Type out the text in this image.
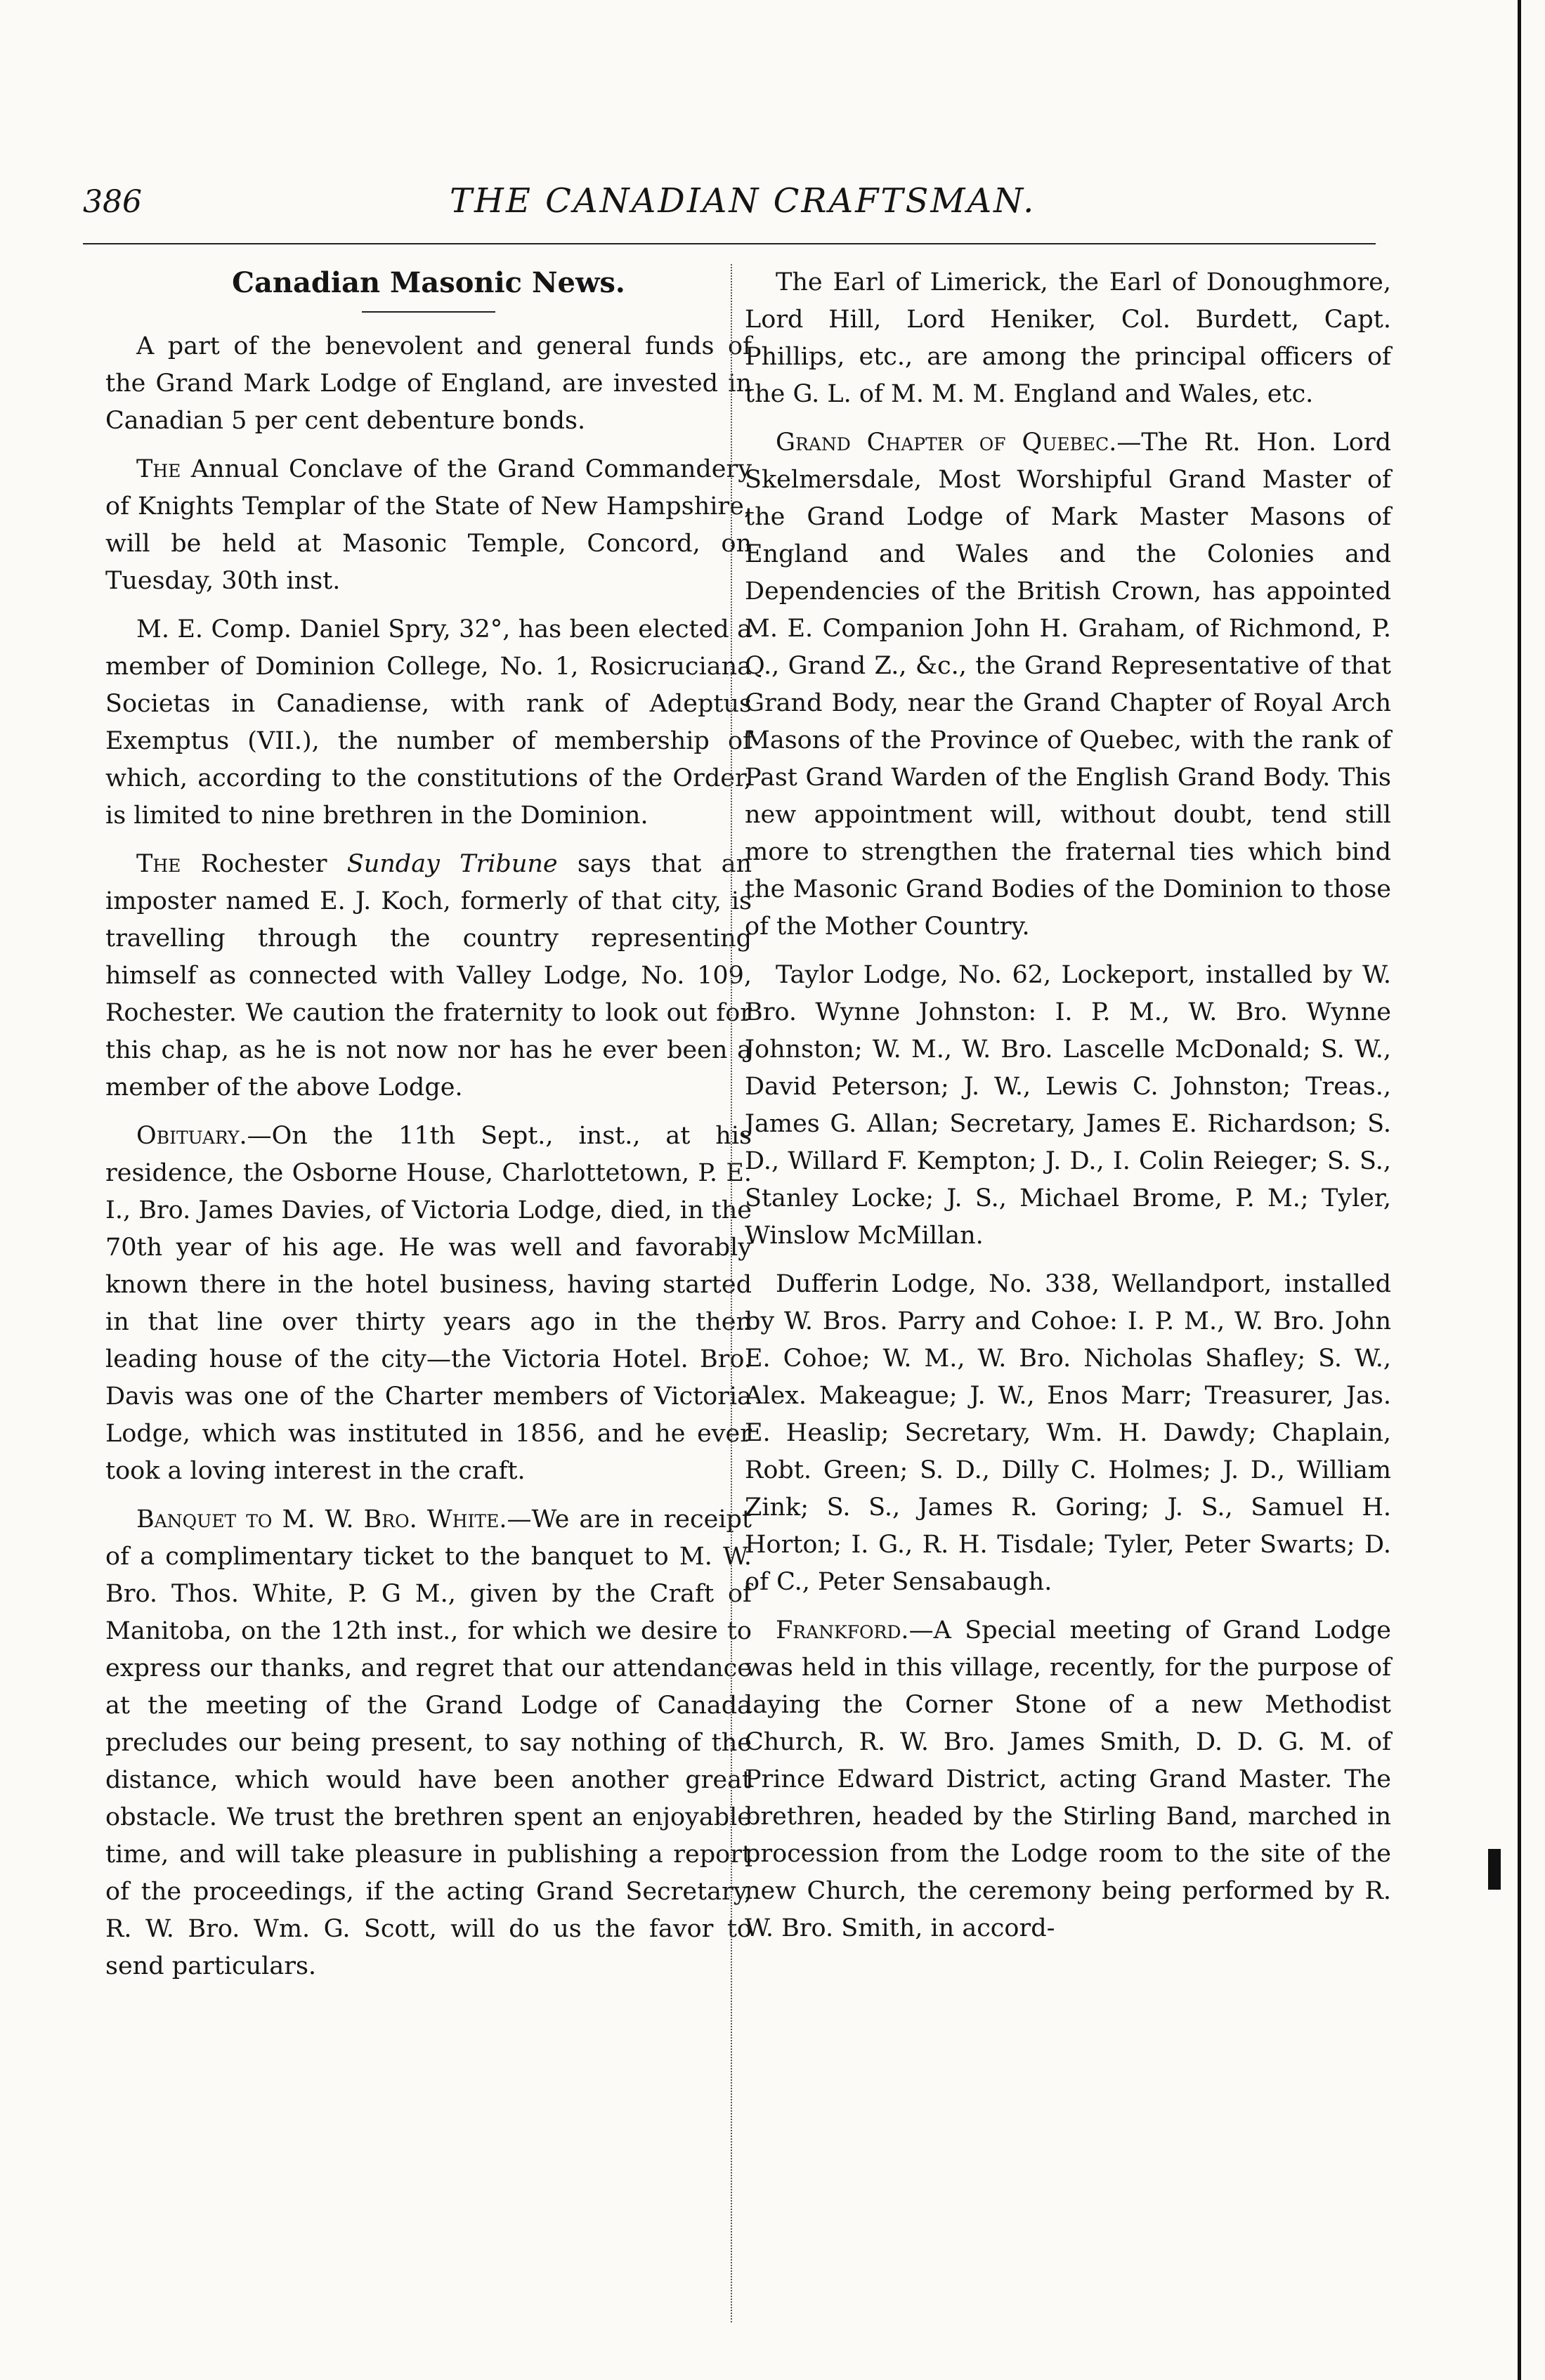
386	THE CANADIAN CRAFTSMAN.
Canadian Masonic News.

A part of the benevolent and general funds of the Grand Mark Lodge of England, are invested in Canadian 5 per cent debenture bonds.

The Annual Conclave of the Grand Commandery of Knights Templar of the State of New Hampshire, will be held at Masonic Temple, Concord, on Tuesday, 30th inst.

M. E. Comp. Daniel Spry, 32°, has been elected a member of Dominion College, No. 1, Rosicruciana Societas in Canadiense, with rank of Adeptus Exemptus (VII.), the number of membership of which, according to the constitutions of the Order, is limited to nine brethren in the Dominion.

The Rochester Sunday Tribune says that an imposter named E. J. Koch, formerly of that city, is travelling through the country representing himself as connected with Valley Lodge, No. 109, Rochester. We caution the fraternity to look out for this chap, as he is not now nor has he ever been a member of the above Lodge.

Obituary.—On the 11th Sept., inst., at his residence, the Osborne House, Charlottetown, P. E. I., Bro. James Davies, of Victoria Lodge, died, in the 70th year of his age. He was well and favorably known there in the hotel business, having started in that line over thirty years ago in the then leading house of the city—the Victoria Hotel. Bro. Davis was one of the Charter members of Victoria Lodge, which was instituted in 1856, and he ever took a loving interest in the craft.

Banquet to M. W. Bro. White.—We are in receipt of a complimentary ticket to the banquet to M. W. Bro. Thos. White, P. G M., given by the Craft of Manitoba, on the 12th inst., for which we desire to express our thanks, and regret that our attendance at the meeting of the Grand Lodge of Canada precludes our being present, to say nothing of the distance, which would have been another great obstacle. We trust the brethren spent an enjoyable time, and will take pleasure in publishing a report of the proceedings, if the acting Grand Secretary, R. W. Bro. Wm. G. Scott, will do us the favor to send particulars.

The Earl of Limerick, the Earl of Donoughmore, Lord Hill, Lord Heniker, Col. Burdett, Capt. Phillips, etc., are among the principal officers of the G. L. of M. M. M. England and Wales, etc.

Grand Chapter of Quebec.—The Rt. Hon. Lord Skelmersdale, Most Worshipful Grand Master of the Grand Lodge of Mark Master Masons of England and Wales and the Colonies and Dependencies of the British Crown, has appointed M. E. Companion John H. Graham, of Richmond, P. Q., Grand Z., &c., the Grand Representative of that Grand Body, near the Grand Chapter of Royal Arch Masons of the Province of Quebec, with the rank of Past Grand Warden of the English Grand Body. This new appointment will, without doubt, tend still more to strengthen the fraternal ties which bind the Masonic Grand Bodies of the Dominion to those of the Mother Country.

Taylor Lodge, No. 62, Lockeport, installed by W. Bro. Wynne Johnston: I. P. M., W. Bro. Wynne Johnston; W. M., W. Bro. Lascelle McDonald; S. W., David Peterson; J. W., Lewis C. Johnston; Treas., James G. Allan; Secretary, James E. Richardson; S. D., Willard F. Kempton; J. D., I. Colin Reieger; S. S., Stanley Locke; J. S., Michael Brome, P. M.; Tyler, Winslow McMillan.

Dufferin Lodge, No. 338, Wellandport, installed by W. Bros. Parry and Cohoe: I. P. M., W. Bro. John E. Cohoe; W. M., W. Bro. Nicholas Shafley; S. W., Alex. Makeague; J. W., Enos Marr; Treasurer, Jas. E. Heaslip; Secretary, Wm. H. Dawdy; Chaplain, Robt. Green; S. D., Dilly C. Holmes; J. D., William Zink; S. S., James R. Goring; J. S., Samuel H. Horton; I. G., R. H. Tisdale; Tyler, Peter Swarts; D. of C., Peter Sensabaugh.

Frankford.—A Special meeting of Grand Lodge was held in this village, recently, for the purpose of laying the Corner Stone of a new Methodist Church, R. W. Bro. James Smith, D. D. G. M. of Prince Edward District, acting Grand Master. The brethren, headed by the Stirling Band, marched in procession from the Lodge room to the site of the new Church, the ceremony being performed by R. W. Bro. Smith, in accord-
